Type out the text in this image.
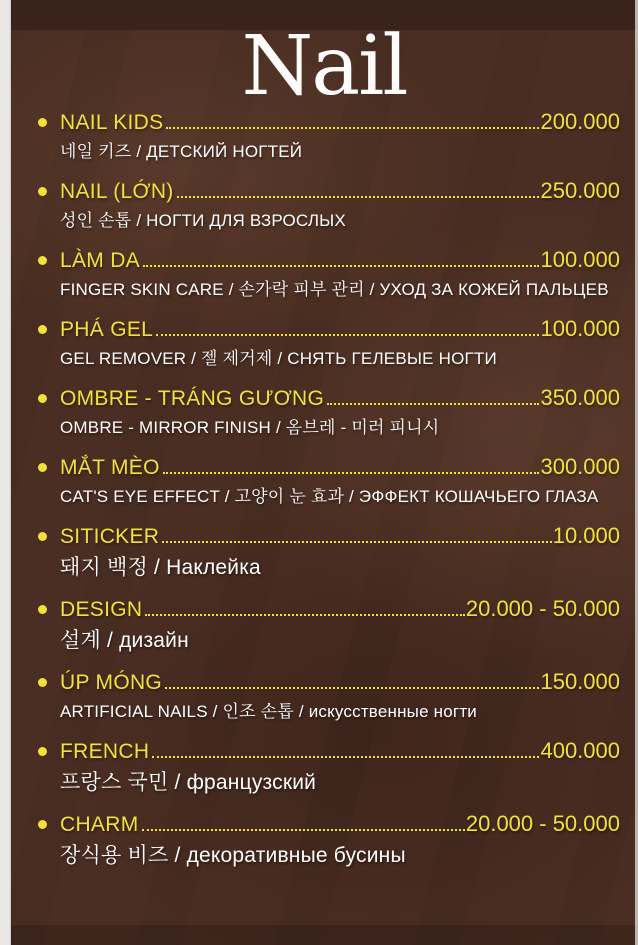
Nail
NAIL KIDS	200.000
네일 키즈 / ДЕТСКИЙ НОГТЕЙ
NAIL (LỚN)	250.000
성인 손톱 / НОГТИ ДЛЯ ВЗРОСЛЫХ
LÀM DA	100.000
FINGER SKIN CARE / 손가락 피부 관리 / УХОД ЗА КОЖЕЙ ПАЛЬЦЕВ
PHÁ GEL	100.000
GEL REMOVER / 젤 제거제 / СНЯТЬ ГЕЛЕВЫЕ НОГТИ
OMBRE - TRÁNG GƯƠNG	350.000
OMBRE - MIRROR FINISH / 옴브레 - 미러 피니시
MẮT MÈO	300.000
CAT'S EYE EFFECT / 고양이 눈 효과 / ЭФФЕКТ КОШАЧЬЕГО ГЛАЗА
SITICKER	10.000
돼지 백정 / Наклейка
DESIGN	20.000 - 50.000
설계 / дизайн
ÚP MÓNG	150.000
ARTIFICIAL NAILS / 인조 손톱 / искусственные ногти
FRENCH	400.000
프랑스 국민 / французский
CHARM	20.000 - 50.000
장식용 비즈 / декоративные бусины
